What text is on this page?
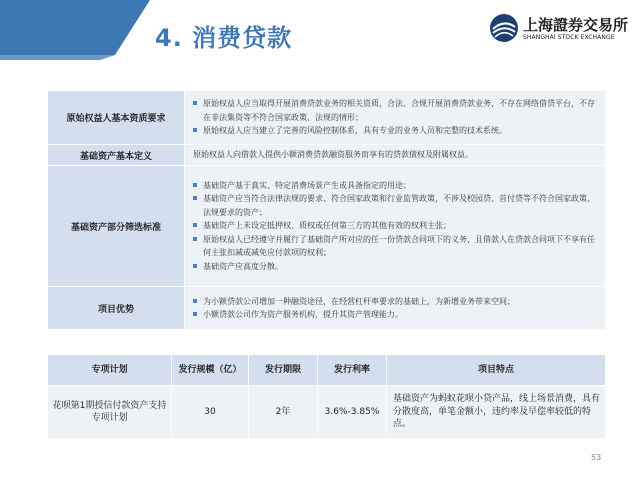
4. 消费贷款	上海證券交易所
SHANGHAI STOCK EXCHANGE
原始权益人基本资质要求	原始权益人应当取得开展消费贷款业务的相关资质，合法、合规开展消费贷款业务，不存在网络借贷平台，不存在非法集资等不符合国家政策、法规的情形；
原始权益人应当建立了完善的风险控制体系，具有专业的业务人员和完整的技术系统。

基础资产基本定义	原始权益人向借款人提供小额消费贷款融资服务而享有的贷款债权及附属权益。

基础资产部分筛选标准	基础资产基于真实、特定消费场景产生或具备指定的用途；
基础资产应当符合法律法规的要求、符合国家政策和行业监管政策，不涉及校园贷、首付贷等不符合国家政策、法规要求的资产；
基础资产上未设定抵押权、质权或任何第三方的其他有效的权利主张；
原始权益人已经遵守并履行了基础资产所对应的任一份贷款合同项下的义务，且借款人在贷款合同项下不享有任何主张扣减或减免应付款项的权利；
基础资产应高度分散。

项目优势	为小额贷款公司增加一种融资途径，在经营杠杆率要求的基础上，为新增业务带来空间；
小额贷款公司作为资产服务机构，提升其资产管理能力。
专项计划	发行规模（亿）	发行期限	发行利率	项目特点
花呗第1期授信付款资产支持专项计划	30	2年	3.6%-3.85%	基础资产为蚂蚁花呗小贷产品，线上场景消费，具有分散度高，单笔金额小，违约率及早偿率较低的特点。
53
